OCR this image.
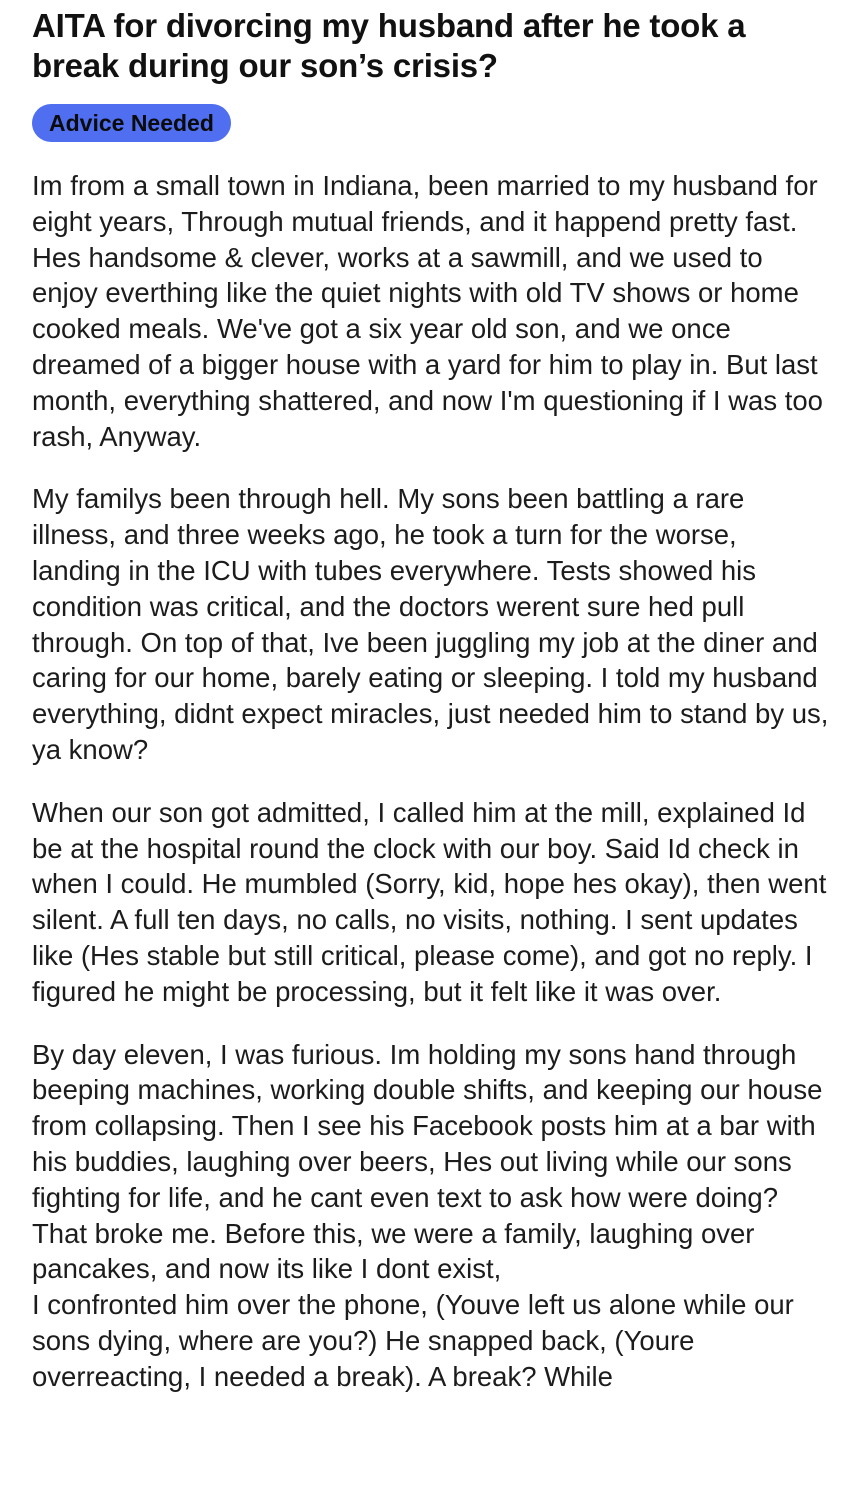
AITA for divorcing my husband after he took a break during our son’s crisis?
Advice Needed

Im from a small town in Indiana, been married to my husband for eight years, Through mutual friends, and it happend pretty fast. Hes handsome & clever, works at a sawmill, and we used to enjoy everthing like the quiet nights with old TV shows or home cooked meals. We've got a six year old son, and we once dreamed of a bigger house with a yard for him to play in. But last month, everything shattered, and now I'm questioning if I was too rash, Anyway.

My familys been through hell. My sons been battling a rare illness, and three weeks ago, he took a turn for the worse, landing in the ICU with tubes everywhere. Tests showed his condition was critical, and the doctors werent sure hed pull through. On top of that, Ive been juggling my job at the diner and caring for our home, barely eating or sleeping. I told my husband everything, didnt expect miracles, just needed him to stand by us, ya know?

When our son got admitted, I called him at the mill, explained Id be at the hospital round the clock with our boy. Said Id check in when I could. He mumbled (Sorry, kid, hope hes okay), then went silent. A full ten days, no calls, no visits, nothing. I sent updates like (Hes stable but still critical, please come), and got no reply. I figured he might be processing, but it felt like it was over.

By day eleven, I was furious. Im holding my sons hand through beeping machines, working double shifts, and keeping our house from collapsing. Then I see his Facebook posts him at a bar with his buddies, laughing over beers, Hes out living while our sons fighting for life, and he cant even text to ask how were doing? That broke me. Before this, we were a family, laughing over pancakes, and now its like I dont exist,

I confronted him over the phone, (Youve left us alone while our sons dying, where are you?) He snapped back, (Youre overreacting, I needed a break). A break? While
